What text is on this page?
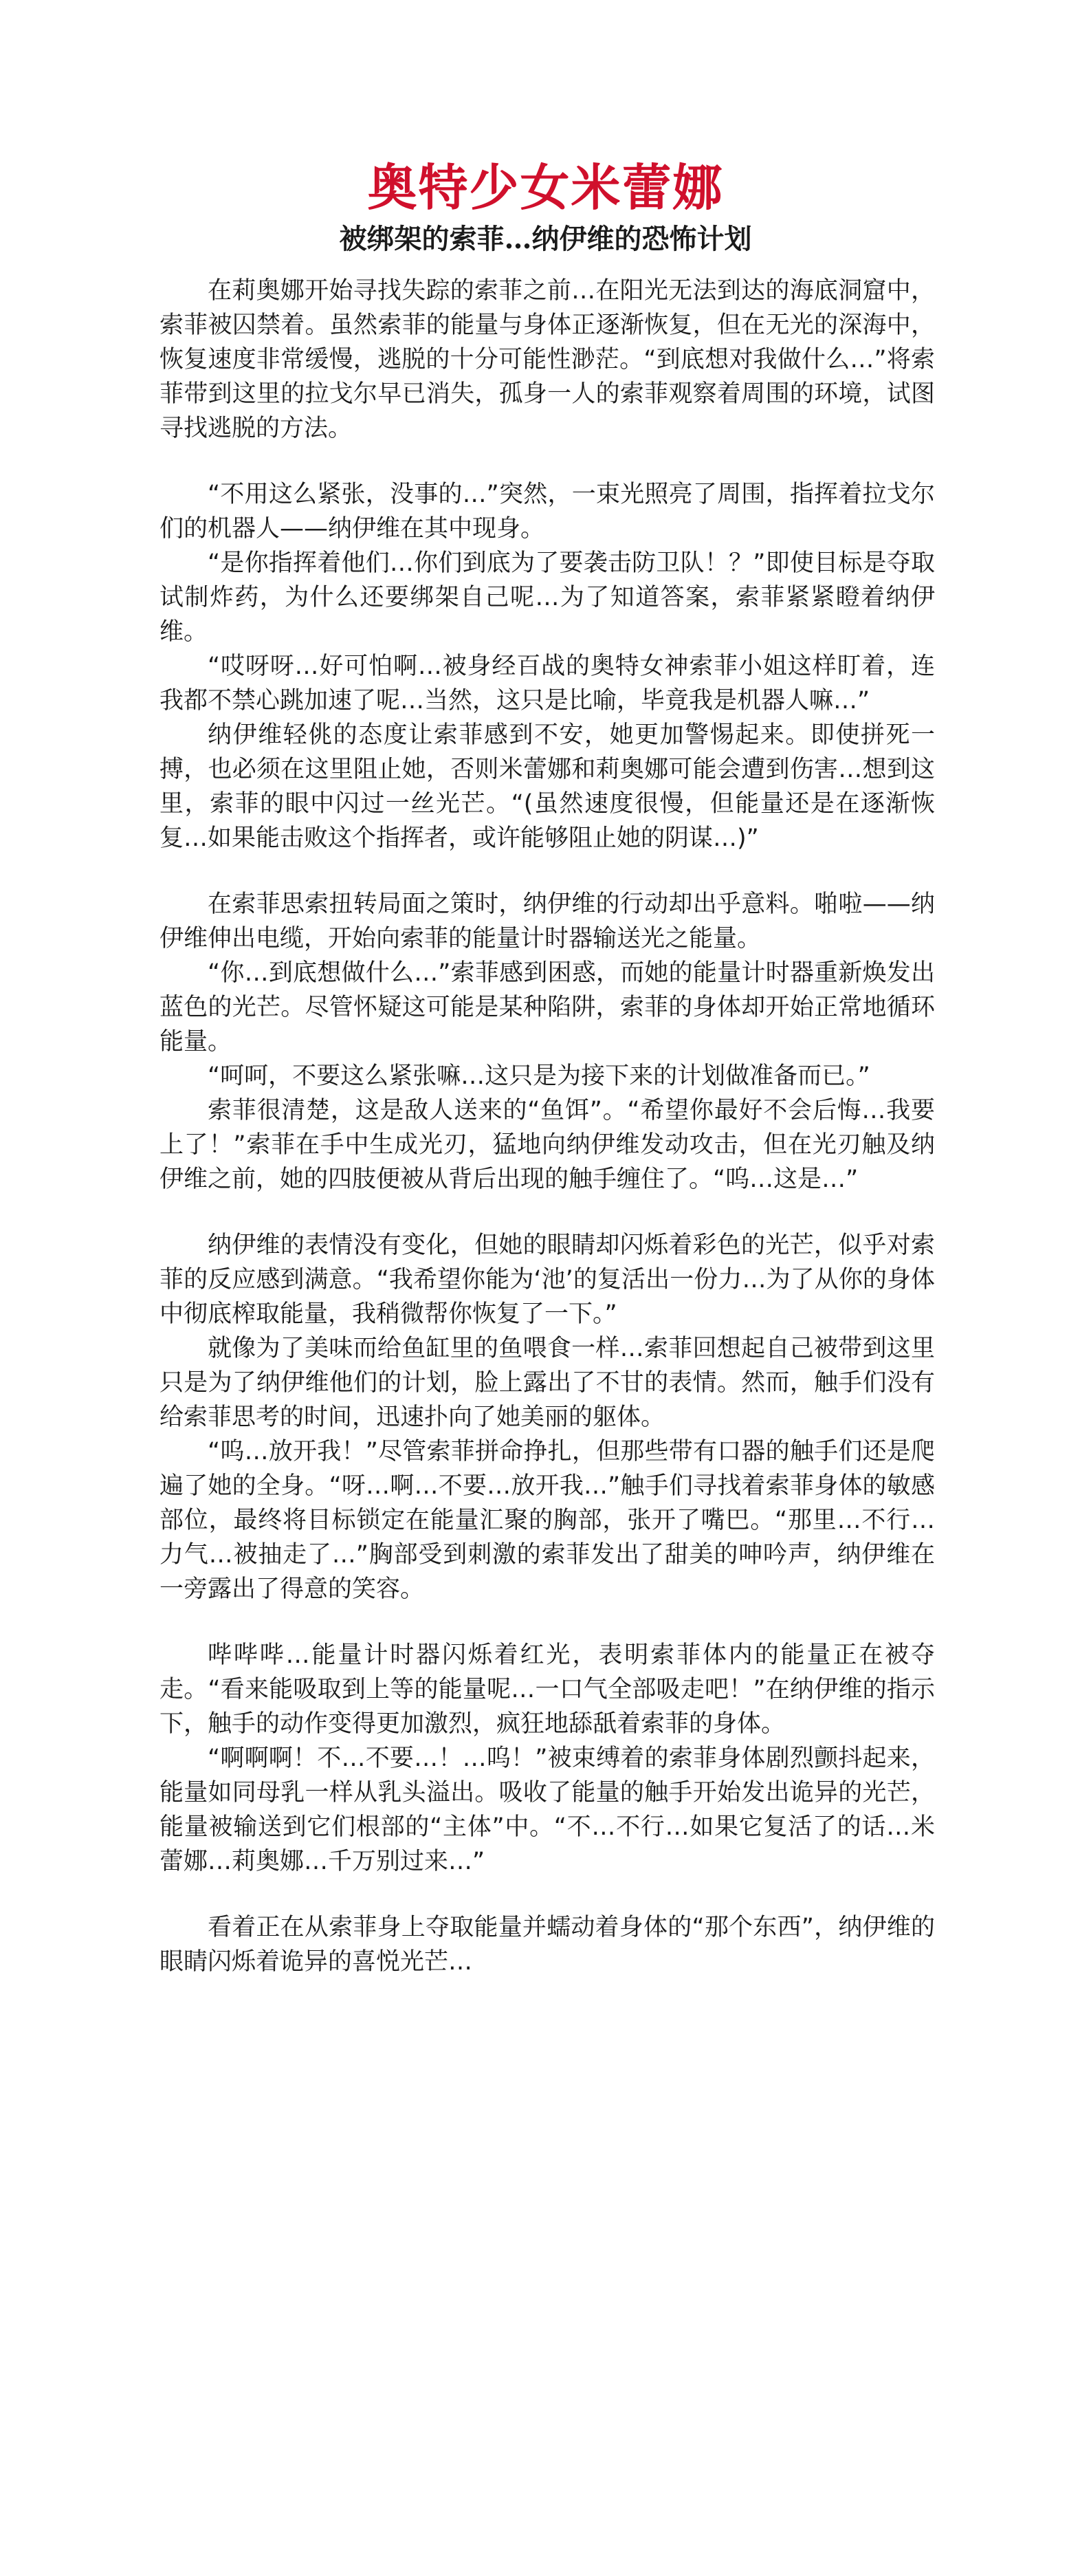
奥特少女米蕾娜
被绑架的索菲…纳伊维的恐怖计划

在莉奥娜开始寻找失踪的索菲之前…在阳光无法到达的海底洞窟中，索菲被囚禁着。虽然索菲的能量与身体正逐渐恢复，但在无光的深海中，恢复速度非常缓慢，逃脱的十分可能性渺茫。“到底想对我做什么…”将索菲带到这里的拉戈尔早已消失，孤身一人的索菲观察着周围的环境，试图寻找逃脱的方法。

“不用这么紧张，没事的…”突然，一束光照亮了周围，指挥着拉戈尔们的机器人——纳伊维在其中现身。

“是你指挥着他们…你们到底为了要袭击防卫队！？”即使目标是夺取试制炸药，为什么还要绑架自己呢…为了知道答案，索菲紧紧瞪着纳伊维。

“哎呀呀…好可怕啊…被身经百战的奥特女神索菲小姐这样盯着，连我都不禁心跳加速了呢…当然，这只是比喻，毕竟我是机器人嘛…”

纳伊维轻佻的态度让索菲感到不安，她更加警惕起来。即使拼死一搏，也必须在这里阻止她，否则米蕾娜和莉奥娜可能会遭到伤害…想到这里，索菲的眼中闪过一丝光芒。“(虽然速度很慢，但能量还是在逐渐恢复…如果能击败这个指挥者，或许能够阻止她的阴谋…)”

在索菲思索扭转局面之策时，纳伊维的行动却出乎意料。啪啦——纳伊维伸出电缆，开始向索菲的能量计时器输送光之能量。

“你…到底想做什么…”索菲感到困惑，而她的能量计时器重新焕发出蓝色的光芒。尽管怀疑这可能是某种陷阱，索菲的身体却开始正常地循环能量。

“呵呵，不要这么紧张嘛…这只是为接下来的计划做准备而已。”

索菲很清楚，这是敌人送来的“鱼饵”。“希望你最好不会后悔…我要上了！”索菲在手中生成光刃，猛地向纳伊维发动攻击，但在光刃触及纳伊维之前，她的四肢便被从背后出现的触手缠住了。“呜…这是…”

纳伊维的表情没有变化，但她的眼睛却闪烁着彩色的光芒，似乎对索菲的反应感到满意。“我希望你能为‘池’的复活出一份力…为了从你的身体中彻底榨取能量，我稍微帮你恢复了一下。”

就像为了美味而给鱼缸里的鱼喂食一样…索菲回想起自己被带到这里只是为了纳伊维他们的计划，脸上露出了不甘的表情。然而，触手们没有给索菲思考的时间，迅速扑向了她美丽的躯体。

“呜…放开我！”尽管索菲拼命挣扎，但那些带有口器的触手们还是爬遍了她的全身。“呀…啊…不要…放开我…”触手们寻找着索菲身体的敏感部位，最终将目标锁定在能量汇聚的胸部，张开了嘴巴。“那里…不行…力气…被抽走了…”胸部受到刺激的索菲发出了甜美的呻吟声，纳伊维在一旁露出了得意的笑容。

哔哔哔…能量计时器闪烁着红光，表明索菲体内的能量正在被夺走。“看来能吸取到上等的能量呢…一口气全部吸走吧！”在纳伊维的指示下，触手的动作变得更加激烈，疯狂地舔舐着索菲的身体。

“啊啊啊！不…不要…！…呜！”被束缚着的索菲身体剧烈颤抖起来，能量如同母乳一样从乳头溢出。吸收了能量的触手开始发出诡异的光芒，能量被输送到它们根部的“主体”中。“不…不行…如果它复活了的话…米蕾娜…莉奥娜…千万别过来…”

看着正在从索菲身上夺取能量并蠕动着身体的“那个东西”，纳伊维的眼睛闪烁着诡异的喜悦光芒…
